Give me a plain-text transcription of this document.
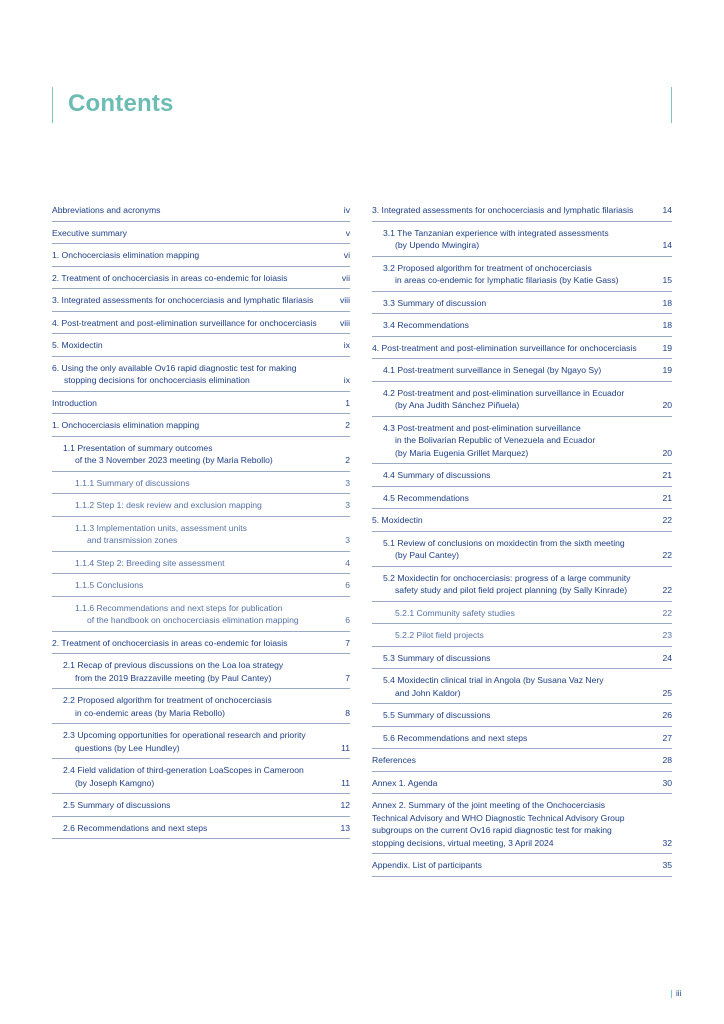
Contents
Abbreviations and acronyms	iv
Executive summary	v
1. Onchocerciasis elimination mapping	vi
2. Treatment of onchocerciasis in areas co-endemic for loiasis	vii
3. Integrated assessments for onchocerciasis and lymphatic filariasis	viii
4. Post-treatment and post-elimination surveillance for onchocerciasis	viii
5. Moxidectin	ix
6. Using the only available Ov16 rapid diagnostic test for making
stopping decisions for onchocerciasis elimination	ix
Introduction	1
1. Onchocerciasis elimination mapping	2
1.1 Presentation of summary outcomes
of the 3 November 2023 meeting (by Maria Rebollo)	2
1.1.1 Summary of discussions	3
1.1.2 Step 1: desk review and exclusion mapping	3
1.1.3 Implementation units, assessment units
and transmission zones	3
1.1.4 Step 2: Breeding site assessment	4
1.1.5 Conclusions	6
1.1.6 Recommendations and next steps for publication
of the handbook on onchocerciasis elimination mapping	6
2. Treatment of onchocerciasis in areas co-endemic for loiasis	7
2.1 Recap of previous discussions on the Loa loa strategy
from the 2019 Brazzaville meeting (by Paul Cantey)	7
2.2 Proposed algorithm for treatment of onchocerciasis
in co-endemic areas (by Maria Rebollo)	8
2.3 Upcoming opportunities for operational research and priority
questions (by Lee Hundley)	11
2.4 Field validation of third-generation LoaScopes in Cameroon
(by Joseph Kamgno)	11
2.5 Summary of discussions	12
2.6 Recommendations and next steps	13
3. Integrated assessments for onchocerciasis and lymphatic filariasis	14
3.1 The Tanzanian experience with integrated assessments
(by Upendo Mwingira)	14
3.2 Proposed algorithm for treatment of onchocerciasis
in areas co-endemic for lymphatic filariasis (by Katie Gass)	15
3.3 Summary of discussion	18
3.4 Recommendations	18
4. Post-treatment and post-elimination surveillance for onchocerciasis	19
4.1 Post-treatment surveillance in Senegal (by Ngayo Sy)	19
4.2 Post-treatment and post-elimination surveillance in Ecuador
(by Ana Judith Sánchez Piñuela)	20
4.3 Post-treatment and post-elimination surveillance
in the Bolivarian Republic of Venezuela and Ecuador
(by Maria Eugenia Grillet Marquez)	20
4.4 Summary of discussions	21
4.5 Recommendations	21
5. Moxidectin	22
5.1 Review of conclusions on moxidectin from the sixth meeting
(by Paul Cantey)	22
5.2 Moxidectin for onchocerciasis: progress of a large community
safety study and pilot field project planning (by Sally Kinrade)	22
5.2.1 Community safety studies	22
5.2.2 Pilot field projects	23
5.3 Summary of discussions	24
5.4 Moxidectin clinical trial in Angola (by Susana Vaz Nery
and John Kaldor)	25
5.5 Summary of discussions	26
5.6 Recommendations and next steps	27
References	28
Annex 1. Agenda	30
Annex 2. Summary of the joint meeting of the Onchocerciasis
Technical Advisory and WHO Diagnostic Technical Advisory Group
subgroups on the current Ov16 rapid diagnostic test for making
stopping decisions, virtual meeting, 3 April 2024	32
Appendix. List of participants	35
iii
